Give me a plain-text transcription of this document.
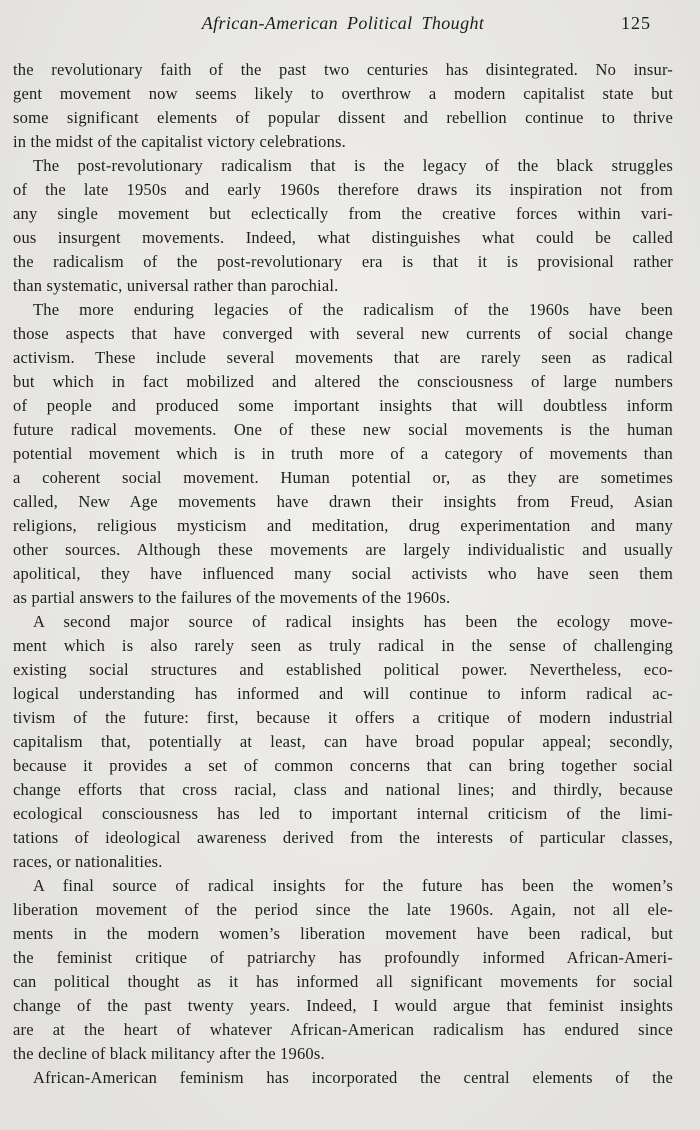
African-American Political Thought	125
the revolutionary faith of the past two centuries has disintegrated. No insur-
gent movement now seems likely to overthrow a modern capitalist state but
some significant elements of popular dissent and rebellion continue to thrive
in the midst of the capitalist victory celebrations.
The post-revolutionary radicalism that is the legacy of the black struggles
of the late 1950s and early 1960s therefore draws its inspiration not from
any single movement but eclectically from the creative forces within vari-
ous insurgent movements. Indeed, what distinguishes what could be called
the radicalism of the post-revolutionary era is that it is provisional rather
than systematic, universal rather than parochial.
The more enduring legacies of the radicalism of the 1960s have been
those aspects that have converged with several new currents of social change
activism. These include several movements that are rarely seen as radical
but which in fact mobilized and altered the consciousness of large numbers
of people and produced some important insights that will doubtless inform
future radical movements. One of these new social movements is the human
potential movement which is in truth more of a category of movements than
a coherent social movement. Human potential or, as they are sometimes
called, New Age movements have drawn their insights from Freud, Asian
religions, religious mysticism and meditation, drug experimentation and many
other sources. Although these movements are largely individualistic and usually
apolitical, they have influenced many social activists who have seen them
as partial answers to the failures of the movements of the 1960s.
A second major source of radical insights has been the ecology move-
ment which is also rarely seen as truly radical in the sense of challenging
existing social structures and established political power. Nevertheless, eco-
logical understanding has informed and will continue to inform radical ac-
tivism of the future: first, because it offers a critique of modern industrial
capitalism that, potentially at least, can have broad popular appeal; secondly,
because it provides a set of common concerns that can bring together social
change efforts that cross racial, class and national lines; and thirdly, because
ecological consciousness has led to important internal criticism of the limi-
tations of ideological awareness derived from the interests of particular classes,
races, or nationalities.
A final source of radical insights for the future has been the women’s
liberation movement of the period since the late 1960s. Again, not all ele-
ments in the modern women’s liberation movement have been radical, but
the feminist critique of patriarchy has profoundly informed African-Ameri-
can political thought as it has informed all significant movements for social
change of the past twenty years. Indeed, I would argue that feminist insights
are at the heart of whatever African-American radicalism has endured since
the decline of black militancy after the 1960s.
African-American feminism has incorporated the central elements of the
